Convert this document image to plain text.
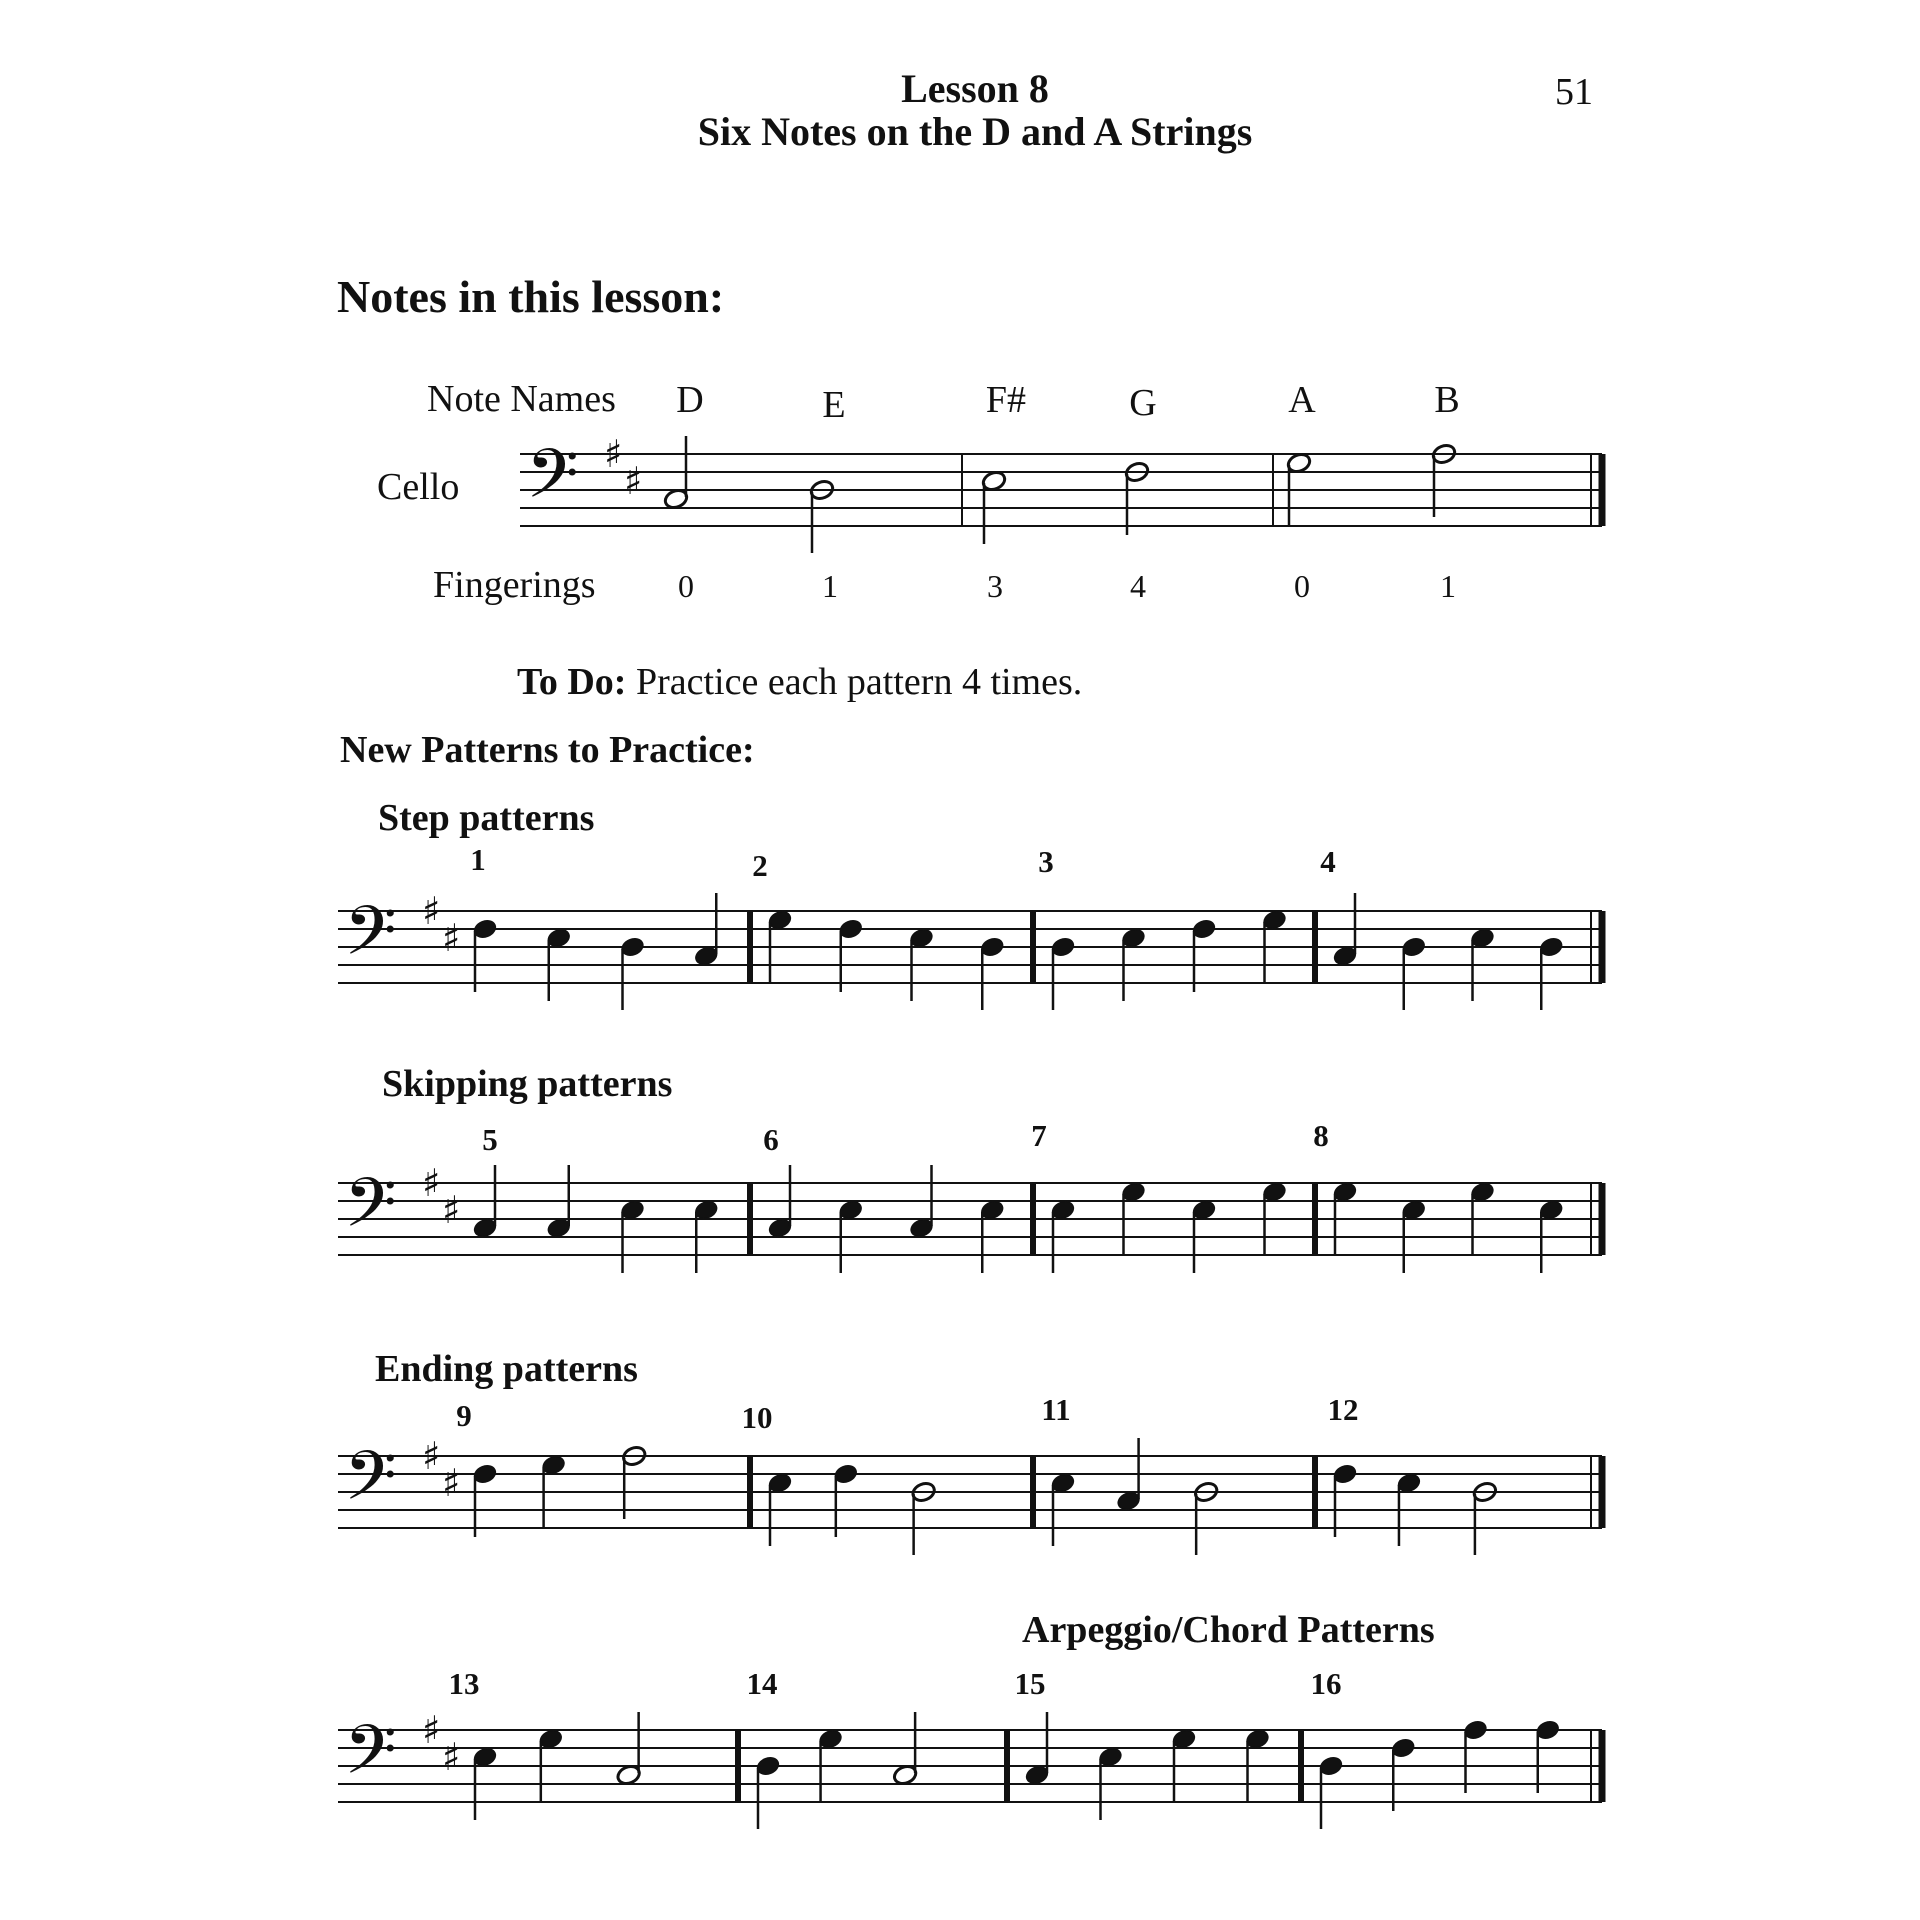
Lesson 8
Six Notes on the D and A Strings
51
Notes in this lesson:
Note Names
Cello
Fingerings
D	E	F#	G	A	B
0	1	3	4	0	1
To Do: Practice each pattern 4 times.
New Patterns to Practice:
Step patterns
Skipping patterns
Ending patterns
Arpeggio/Chord Patterns
1	2	3	4
5	6	7	8
9	10	11	12
13	14	15	16
𝄢 ♯
♯
𝄢 ♯
♯
𝄢 ♯
♯
𝄢 ♯
♯
𝄢 ♯
♯
